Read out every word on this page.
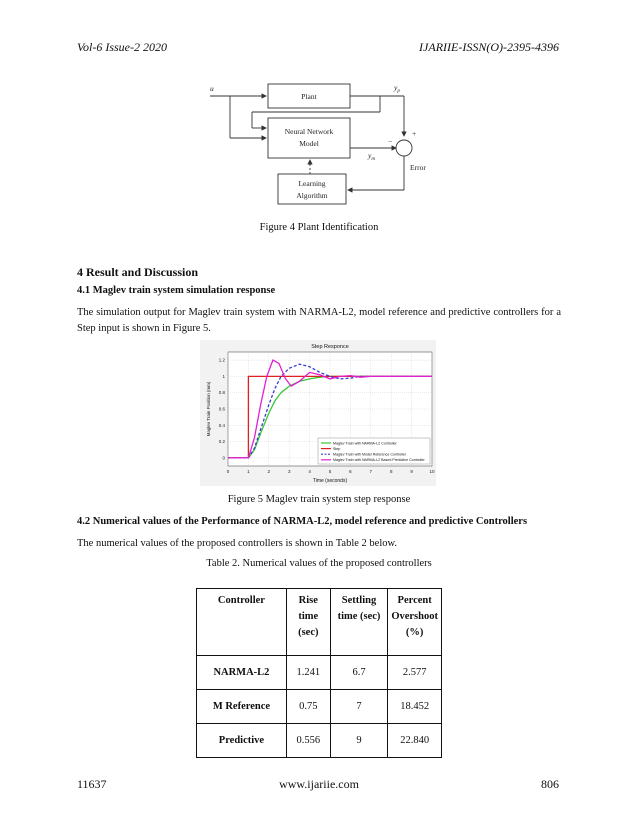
Vol-6 Issue-2 2020	IJARIIE-ISSN(O)-2395-4396
u
Plant
$y_p$
Neural Network
Model
$y_m$
+
−
Error
Learning
Algorithm
Figure 4 Plant Identification
4 Result and Discussion
4.1 Maglev train system simulation response
The simulation output for Maglev train system with NARMA-L2, model reference and predictive controllers for a Step input is shown in Figure 5.
0	1	2	3	4	5	6	7	8	9	10
0
0.2
0.4
0.6
0.8
1
1.2
Step Responce
Time (seconds)
Maglev Train Position (mm)
Maglev Train with NARMA-L2 Controller
Step
Maglev Train with Model Reference Controller
Maglev Train with NARMA-L2 Based Predictive Controller
Figure 5 Maglev train system step response
4.2 Numerical values of the Performance of NARMA-L2, model reference and predictive Controllers
The numerical values of the proposed controllers is shown in Table 2 below.
Table 2. Numerical values of the proposed controllers
Controller	Rise time (sec)	Settling time (sec)	Percent Overshoot (%)
NARMA-L2	1.241	6.7	2.577
M Reference	0.75	7	18.452
Predictive	0.556	9	22.840
11637	www.ijariie.com	806
